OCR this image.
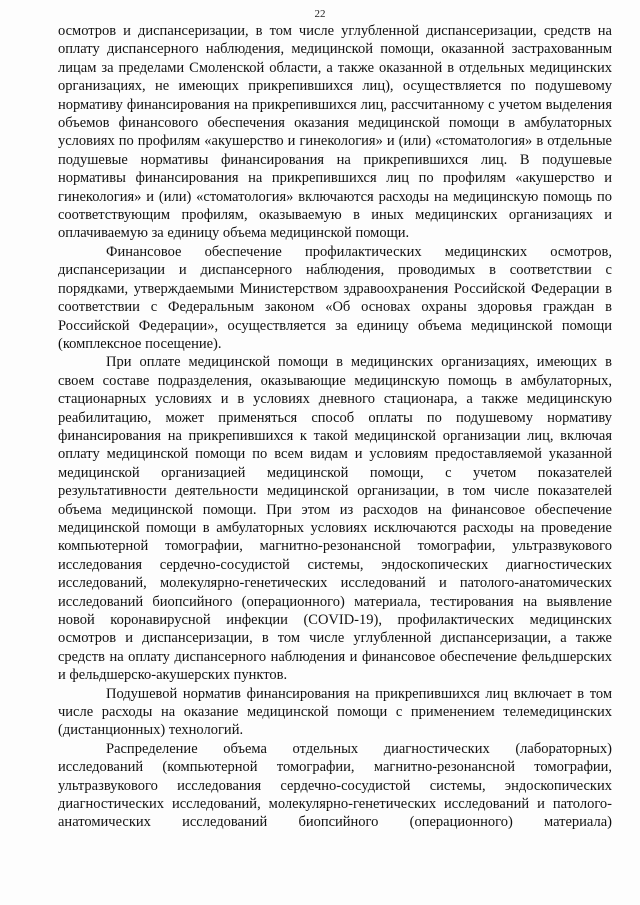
22

осмотров и диспансеризации, в том числе углубленной диспансеризации, средств на оплату диспансерного наблюдения, медицинской помощи, оказанной застрахованным лицам за пределами Смоленской области, а также оказанной в отдельных медицинских организациях, не имеющих прикрепившихся лиц), осуществляется по подушевому нормативу финансирования на прикрепившихся лиц, рассчитанному с учетом выделения объемов финансового обеспечения оказания медицинской помощи в амбулаторных условиях по профилям «акушерство и гинекология» и (или) «стоматология» в отдельные подушевые нормативы финансирования на прикрепившихся лиц. В подушевые нормативы финансирования на прикрепившихся лиц по профилям «акушерство и гинекология» и (или) «стоматология» включаются расходы на медицинскую помощь по соответствующим профилям, оказываемую в иных медицинских организациях и оплачиваемую за единицу объема медицинской помощи.

Финансовое обеспечение профилактических медицинских осмотров, диспансеризации и диспансерного наблюдения, проводимых в соответствии с порядками, утверждаемыми Министерством здравоохранения Российской Федерации в соответствии с Федеральным законом «Об основах охраны здоровья граждан в Российской Федерации», осуществляется за единицу объема медицинской помощи (комплексное посещение).

При оплате медицинской помощи в медицинских организациях, имеющих в своем составе подразделения, оказывающие медицинскую помощь в амбулаторных, стационарных условиях и в условиях дневного стационара, а также медицинскую реабилитацию, может применяться способ оплаты по подушевому нормативу финансирования на прикрепившихся к такой медицинской организации лиц, включая оплату медицинской помощи по всем видам и условиям предоставляемой указанной медицинской организацией медицинской помощи, с учетом показателей результативности деятельности медицинской организации, в том числе показателей объема медицинской помощи. При этом из расходов на финансовое обеспечение медицинской помощи в амбулаторных условиях исключаются расходы на проведение компьютерной томографии, магнитно-резонансной томографии, ультразвукового исследования сердечно-сосудистой системы, эндоскопических диагностических исследований, молекулярно-генетических исследований и патолого-анатомических исследований биопсийного (операционного) материала, тестирования на выявление новой коронавирусной инфекции (COVID-19), профилактических медицинских осмотров и диспансеризации, в том числе углубленной диспансеризации, а также средств на оплату диспансерного наблюдения и финансовое обеспечение фельдшерских и фельдшерско-акушерских пунктов.

Подушевой норматив финансирования на прикрепившихся лиц включает в том числе расходы на оказание медицинской помощи с применением телемедицинских (дистанционных) технологий.

Распределение объема отдельных диагностических (лабораторных) исследований (компьютерной томографии, магнитно-резонансной томографии, ультразвукового исследования сердечно-сосудистой системы, эндоскопических диагностических исследований, молекулярно-генетических исследований и патолого-анатомических исследований биопсийного (операционного) материала)
